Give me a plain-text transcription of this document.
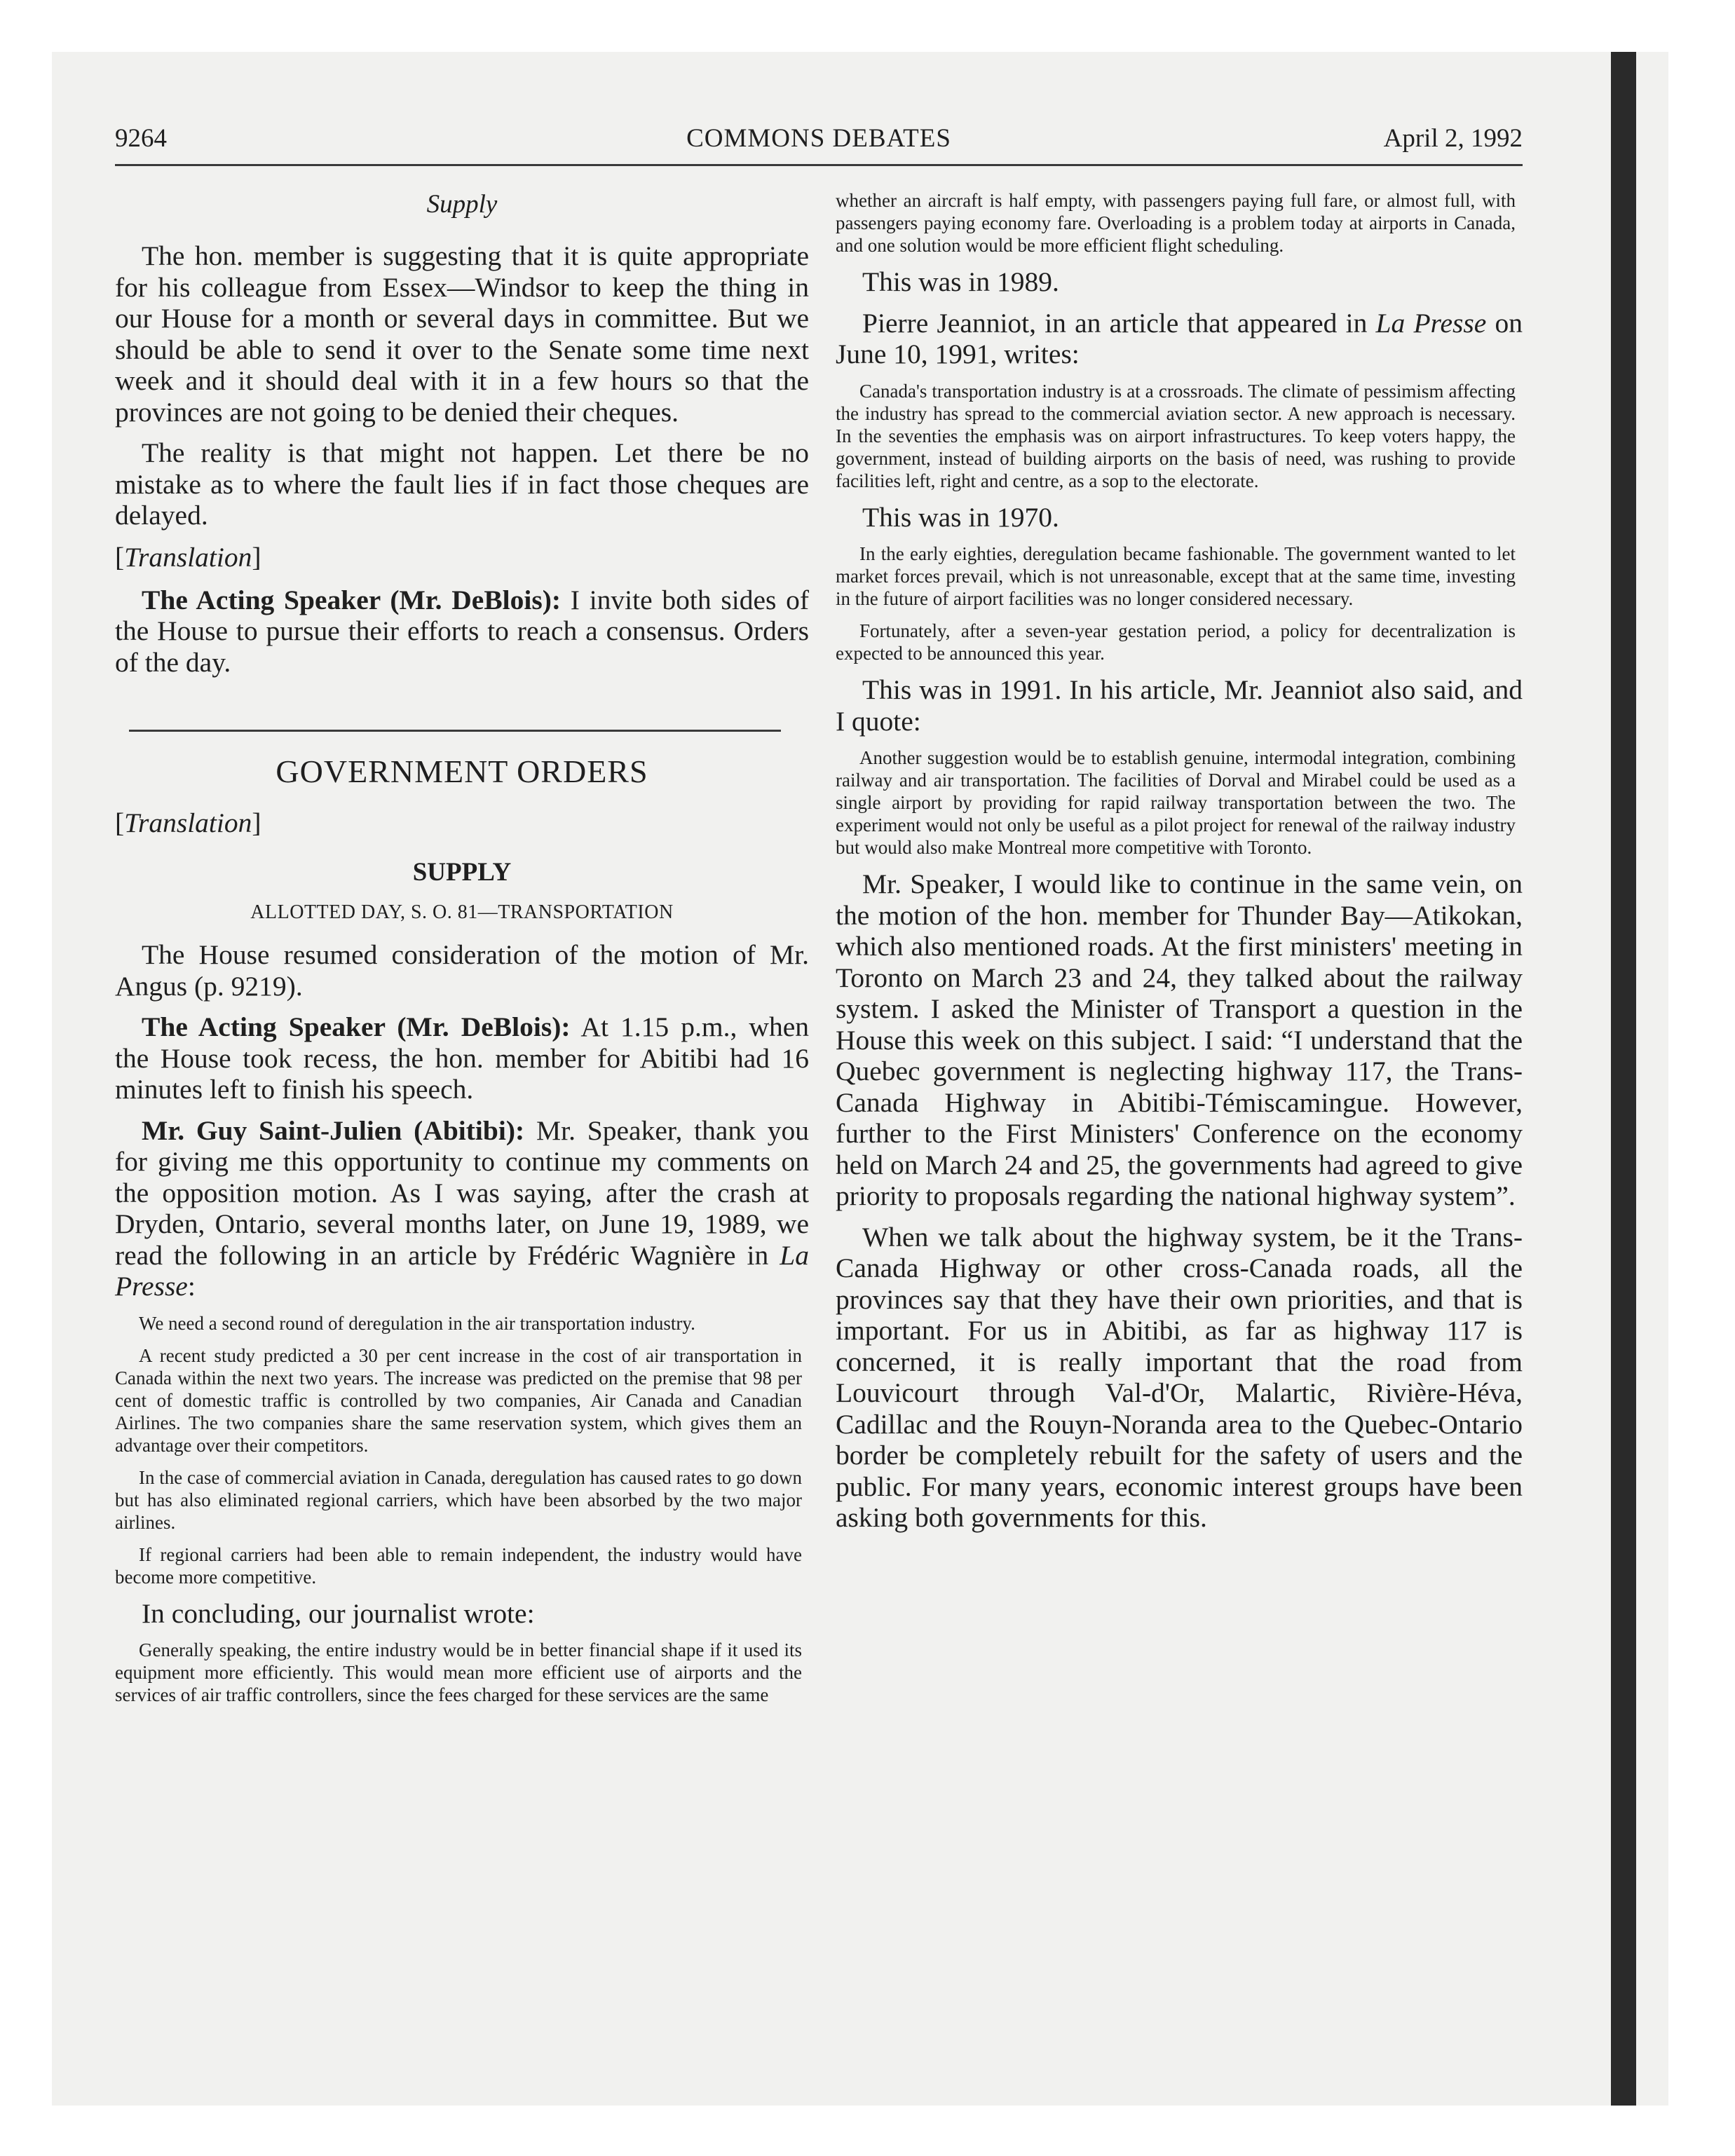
9264	COMMONS DEBATES	April 2, 1992
Supply

The hon. member is suggesting that it is quite appropriate for his colleague from Essex—Windsor to keep the thing in our House for a month or several days in committee. But we should be able to send it over to the Senate some time next week and it should deal with it in a few hours so that the provinces are not going to be denied their cheques.

The reality is that might not happen. Let there be no mistake as to where the fault lies if in fact those cheques are delayed.

[Translation]

The Acting Speaker (Mr. DeBlois): I invite both sides of the House to pursue their efforts to reach a consensus. Orders of the day.

GOVERNMENT ORDERS
[Translation]
SUPPLY
ALLOTTED DAY, S. O. 81—TRANSPORTATION

The House resumed consideration of the motion of Mr. Angus (p. 9219).

The Acting Speaker (Mr. DeBlois): At 1.15 p.m., when the House took recess, the hon. member for Abitibi had 16 minutes left to finish his speech.

Mr. Guy Saint-Julien (Abitibi): Mr. Speaker, thank you for giving me this opportunity to continue my comments on the opposition motion. As I was saying, after the crash at Dryden, Ontario, several months later, on June 19, 1989, we read the following in an article by Frédéric Wagnière in La Presse:

We need a second round of deregulation in the air transportation industry.

A recent study predicted a 30 per cent increase in the cost of air transportation in Canada within the next two years. The increase was predicted on the premise that 98 per cent of domestic traffic is controlled by two companies, Air Canada and Canadian Airlines. The two companies share the same reservation system, which gives them an advantage over their competitors.

In the case of commercial aviation in Canada, deregulation has caused rates to go down but has also eliminated regional carriers, which have been absorbed by the two major airlines.

If regional carriers had been able to remain independent, the industry would have become more competitive.

In concluding, our journalist wrote:

Generally speaking, the entire industry would be in better financial shape if it used its equipment more efficiently. This would mean more efficient use of airports and the services of air traffic controllers, since the fees charged for these services are the same

whether an aircraft is half empty, with passengers paying full fare, or almost full, with passengers paying economy fare. Overloading is a problem today at airports in Canada, and one solution would be more efficient flight scheduling.

This was in 1989.

Pierre Jeanniot, in an article that appeared in La Presse on June 10, 1991, writes:

Canada's transportation industry is at a crossroads. The climate of pessimism affecting the industry has spread to the commercial aviation sector. A new approach is necessary. In the seventies the emphasis was on airport infrastructures. To keep voters happy, the government, instead of building airports on the basis of need, was rushing to provide facilities left, right and centre, as a sop to the electorate.

This was in 1970.

In the early eighties, deregulation became fashionable. The government wanted to let market forces prevail, which is not unreasonable, except that at the same time, investing in the future of airport facilities was no longer considered necessary.

Fortunately, after a seven-year gestation period, a policy for decentralization is expected to be announced this year.

This was in 1991. In his article, Mr. Jeanniot also said, and I quote:

Another suggestion would be to establish genuine, intermodal integration, combining railway and air transportation. The facilities of Dorval and Mirabel could be used as a single airport by providing for rapid railway transportation between the two. The experiment would not only be useful as a pilot project for renewal of the railway industry but would also make Montreal more competitive with Toronto.

Mr. Speaker, I would like to continue in the same vein, on the motion of the hon. member for Thunder Bay—Atikokan, which also mentioned roads. At the first ministers' meeting in Toronto on March 23 and 24, they talked about the railway system. I asked the Minister of Transport a question in the House this week on this subject. I said: “I understand that the Quebec government is neglecting highway 117, the Trans-Canada Highway in Abitibi-Témiscamingue. However, further to the First Ministers' Conference on the economy held on March 24 and 25, the governments had agreed to give priority to proposals regarding the national highway system”.

When we talk about the highway system, be it the Trans-Canada Highway or other cross-Canada roads, all the provinces say that they have their own priorities, and that is important. For us in Abitibi, as far as highway 117 is concerned, it is really important that the road from Louvicourt through Val-d'Or, Malartic, Rivière-Héva, Cadillac and the Rouyn-Noranda area to the Quebec-Ontario border be completely rebuilt for the safety of users and the public. For many years, economic interest groups have been asking both governments for this.
